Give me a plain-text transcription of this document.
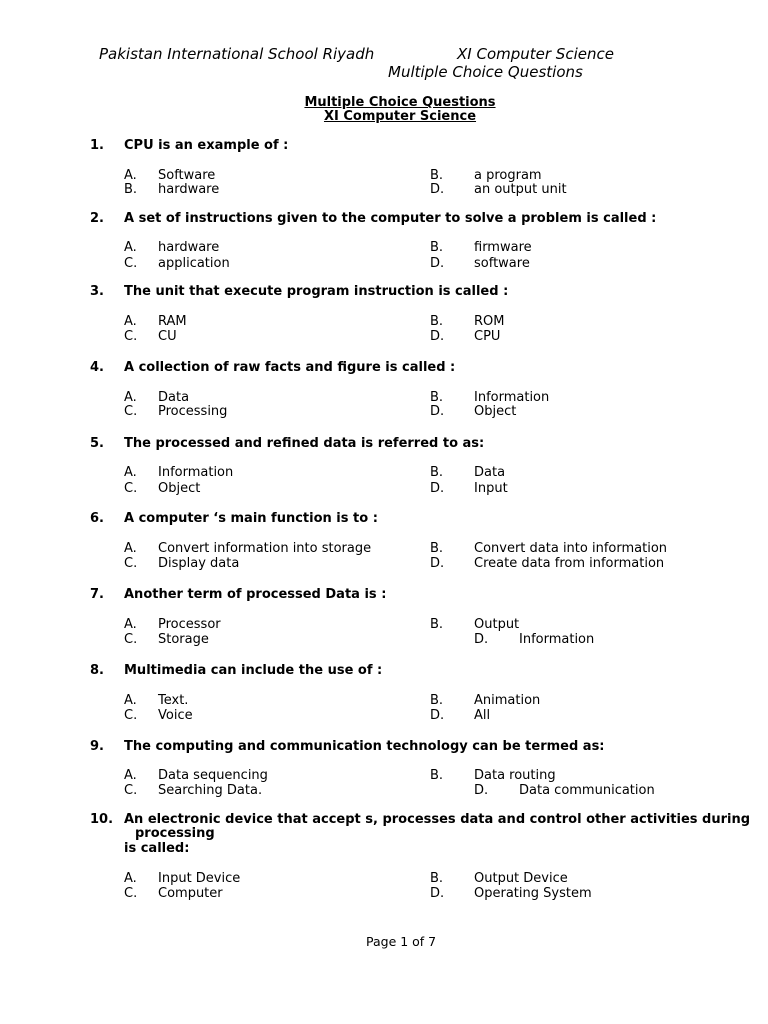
Pakistan International School Riyadh	XI Computer Science
Multiple Choice Questions
Multiple Choice Questions
XI Computer Science
1. CPU is an example of :
A. Software	B. a program
B. hardware	D. an output unit
2. A set of instructions given to the computer to solve a problem is called :
A. hardware	B. firmware
C. application	D. software
3. The unit that execute program instruction is called :
A. RAM	B. ROM
C. CU	D. CPU
4. A collection of raw facts and figure is called :
A. Data	B. Information
C. Processing	D. Object
5. The processed and refined data is referred to as:
A. Information	B. Data
C. Object	D. Input
6. A computer ‘s main function is to :
A. Convert information into storage	B. Convert data into information
C. Display data	D. Create data from information
7. Another term of processed Data is :
A. Processor	B. Output
C. Storage	D. Information
8. Multimedia can include the use of :
A. Text.	B. Animation
C. Voice	D. All
9. The computing and communication technology can be termed as:
A. Data sequencing	B. Data routing
C. Searching Data.	D. Data communication
10. An electronic device that accept s, processes data and control other activities during
processing
is called:
A. Input Device	B. Output Device
C. Computer	D. Operating System
Page 1 of 7
